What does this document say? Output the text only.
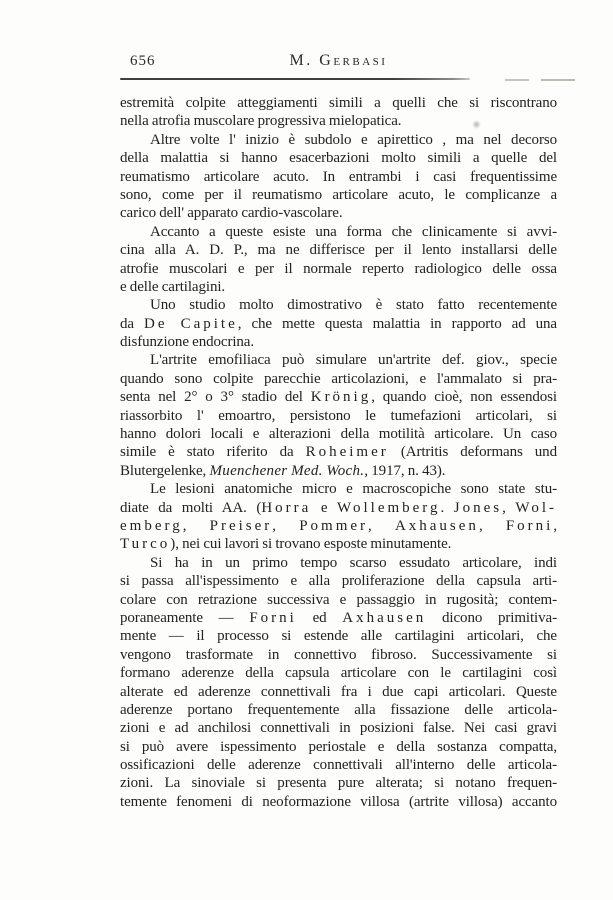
656	M. Gerbasi
estremità colpite atteggiamenti simili a quelli che si riscontrano
nella atrofia muscolare progressiva mielopatica.
Altre volte l' inizio è subdolo e apirettico , ma nel decorso
della malattia si hanno esacerbazioni molto simili a quelle del
reumatismo articolare acuto. In entrambi i casi frequentissime
sono, come per il reumatismo articolare acuto, le complicanze a
carico dell' apparato cardio-vascolare.
Accanto a queste esiste una forma che clinicamente si avvi-
cina alla A. D. P., ma ne differisce per il lento installarsi delle
atrofie muscolari e per il normale reperto radiologico delle ossa
e delle cartilagini.
Uno studio molto dimostrativo è stato fatto recentemente
da De Capite, che mette questa malattia in rapporto ad una
disfunzione endocrina.
L'artrite emofiliaca può simulare un'artrite def. giov., specie
quando sono colpite parecchie articolazioni, e l'ammalato si pra-
senta nel 2° o 3° stadio del Krönig, quando cioè, non essendosi
riassorbito l' emoartro, persistono le tumefazioni articolari, si
hanno dolori locali e alterazioni della motilità articolare. Un caso
simile è stato riferito da Roheimer (Artritis deformans und
Blutergelenke, Muenchener Med. Woch., 1917, n. 43).
Le lesioni anatomiche micro e macroscopiche sono state stu-
diate da molti AA. (Horra e Wollemberg. Jones, Wol-
emberg, Preiser, Pommer, Axhausen, Forni,
Turco), nei cui lavori si trovano esposte minutamente.
Si ha in un primo tempo scarso essudato articolare, indi
si passa all'ispessimento e alla proliferazione della capsula arti-
colare con retrazione successiva e passaggio in rugosità; contem-
poraneamente — Forni ed Axhausen dicono primitiva-
mente — il processo si estende alle cartilagini articolari, che
vengono trasformate in connettivo fibroso. Successivamente si
formano aderenze della capsula articolare con le cartilagini così
alterate ed aderenze connettivali fra i due capi articolari. Queste
aderenze portano frequentemente alla fissazione delle articola-
zioni e ad anchilosi connettivali in posizioni false. Nei casi gravi
si può avere ispessimento periostale e della sostanza compatta,
ossificazioni delle aderenze connettivali all'interno delle articola-
zioni. La sinoviale si presenta pure alterata; si notano frequen-
temente fenomeni di neoformazione villosa (artrite villosa) accanto
